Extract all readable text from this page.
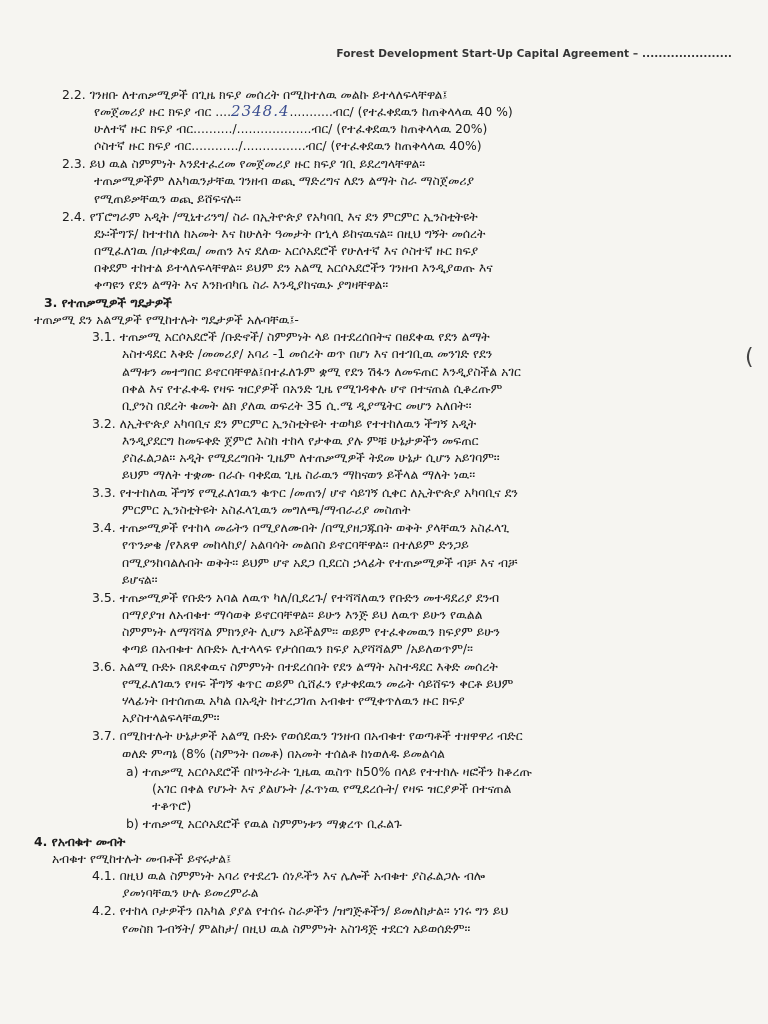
Forest Development Start-Up Capital Agreement – ......................
(
2.2. ገንዘቡ ለተጠቃሚዎች በጊዜ ክፍያ መሰረት በሚከተለዉ መልኩ ይተላለፍላቸዋል፤
የመጀመሪያ ዙር ክፍያ ብር ....2348.4...........ብር/ (የተፈቀደዉን ከጠቅላላዉ 40 %)
ሁለተኛ ዙር ክፍያ ብር........../...................ብር/ (የተፈቀደዉን ከጠቅላላዉ 20%)
ሶስተኛ ዙር ክፍያ ብር............/................ብር/ (የተፈቀደዉን ከጠቅላላዉ 40%)
2.3. ይህ ዉል ስምምነት እንደተፈረመ የመጀመሪያ ዙር ክፍያ ገቢ ይደረግላቸዋል፡፡
ተጠቃሚዎችም ለአካዉንታቸዉ ገንዘብ ወጪ ማድረግና ለደን ልማት ስራ ማስጀመሪያ
የሚጠይቃቸዉን ወጪ ይሸፍናሉ፡፡
2.4. የፕሮግራም አዲት /ሚኒተሪንግ/ ስራ በኢትዮጵያ የአካባቢ እና ደን ምርምር ኢንስቲትዩት
ደኑ፡ችግኙ/ ከተተከለ ከአመት እና ከሁለት ዓመታት በኂላ ይከናዉናል፡፡ በዚህ ግኝት መሰረት
በሚፈለገዉ /በታቀደዉ/ መጠን እና ደለው አርሶአደሮች የሁለተኛ እና ሶስተኛ ዙር ክፍያ
በቅደም ተከተል ይተላለፍላቸዋል፡፡ ይህም ደን አልሚ አርሶአደሮችን ገንዘብ እንዲያወጡ እና
ቀጣዩን የደን ልማት እና እንክብካቤ ስራ እንዲያከናዉኑ ያግዛቸዋል፡፡
3. የተጠቃሚዎች ግዴታዎች
ተጠቃሚ ደን አልሚዎች የሚከተሉት ግዴታዎች አሉባቸዉ፤-
3.1. ተጠቃሚ አርሶአደሮች /ቡድኖች/ ስምምነት ላይ በተደረሰበትና በፀደቀዉ የደን ልማት
አስተዳደር እቅድ /መመሪያ/ አባሪ -1 መሰረት ወጥ በሆነ እና በተገቢዉ መንገድ የደን
ልማቱን መተግበር ይኖርባቸዋል፤በተፈለጉም ቋሚ የደን ሽፋን ለመፍጠር እንዲያስችል አገር
በቀል እና የተፈቀዱ የዛፍ ዝርያዎች በአንድ ጊዜ የሚገዳቀሉ ሆኖ በተናጠል ሲቆረጡም
ቢያንስ በደረት ቁመት ልክ ያለዉ ወፍረት 35 ሲ.ሜ ዲያሜትር መሆን አለበት፡፡
3.2. ለኢትዮጵያ አካባቢና ደን ምርምር ኢንስቲትዩት ተወካይ የተተከለዉን ችግኝ አዲት
እንዲያደርግ ከመፍቀድ ጀምሮ እስከ ተከላ የታቀዉ ያሉ ምቹ ሁኔታዎችን መፍጠር
ያስፈልጋል፡፡ አዲት የሚደረግበት ጊዜም ለተጠቃሚዎች ትደመ ሁኔታ ሲሆን አይገባም፡፡
ይህም ማለት ተቋሙ በራሱ ባቀደዉ ጊዜ ስራዉን ማከናወን ይችላል ማለት ነዉ፡፡
3.3. የተተከለዉ ችግኝ የሚፈለገዉን ቁጥር /መጠን/ ሆኖ ሳይገኝ ሲቀር ለኢትዮጵያ አካባቢና ደን
ምርምር ኢንስቲትዩት አስፈላጊዉን መግለጫ/ማብራሪያ መስጠት
3.4. ተጠቃሚዎች የተከላ መሬትን በሚያለሙበት /በሚያዘጋጁበት ወቅት ያላቸዉን አስፈላጊ
የጥንቃቄ /የእጸዋ መከላከያ/ አልባሳት መልበስ ይኖርባቸዋል፡፡ በተለይም ድንጋይ
በሚያንከባልሉበት ወቅት፡፡ ይህም ሆኖ አደጋ ቢደርስ ኃላፊት የተጠቃሚዎች ብቻ እና ብቻ
ይሆናል፡፡
3.5. ተጠቃሚዎች የቡድን አባል ለዉጥ ካለ/ቢደረጉ/ የተሻሻለዉን የቡድን መተዳደሪያ ደንብ
በማያያዝ ለአብቁተ ማሳወቅ ይኖርባቸዋል፡፡ ይሁን እንጅ ይህ ለዉጥ ይሁን የዉልል
ስምምነት ለማሻሻል ምክንያት ሊሆን አይችልም፡፡ ወይም የተፈቀመዉን ክፍያም ይሁን
ቀጣይ በአብቁተ ለቡድኑ ሊተላላፍ የታሰበዉን ክፍያ አያሻሻልም /አይለወጥም/፡፡
3.6. አልሚ ቡድኑ በጸደቀዉና ስምምነት በተደረሰበት የደን ልማት አስተዳደር እቅድ መሰረት
የሚፈለገዉን የዛፍ ችግኝ ቁጥር ወይም ሲሸፈን የታቀደዉን መሬት ሳይሸፍን ቀርቶ ይህም
ሃላፊነት በተሰጠዉ አካል በአዲት ከተረጋገጠ አብቁተ የሚቀጥለዉን ዙር ክፍያ
አያስተላልፍላቸዉም፡፡
3.7. በሚከተሉት ሁኔታዎች አልሚ ቡድኑ የወሰደዉን ገንዘብ በአብቁተ የወጣቶች ተዘዋዋሪ ብድር
ወለድ ምጣኔ (8% (ስምንት በመቶ) በአመት ተሰልቶ ከነወለዱ ይመልሳል
a) ተጠቃሚ አርሶአደሮች በኮንትራት ጊዜዉ ዉስጥ ከ50% በላይ የተተከሉ ዛፎችን ከቆረጡ
(አገር በቀል የሆኑት እና ያልሆኑት /ፈጥነዉ የሚደረሱት/ የዛፍ ዝርያዎች በተናጠል
ተቆጥሮ)
b) ተጠቃሚ አርሶአደሮች የዉል ስምምነቱን ማቋረጥ ቢፈልጉ
4. የአብቁተ መብት
አብቁተ የሚከተሉት መብቶች ይኖሩታል፤
4.1. በዚህ ዉል ስምምነት አባሪ የተደረጉ ሰነዶችን እና ሌሎች አብቁተ ያስፈልጋሉ ብሎ
ያመነባቸዉን ሁሉ ይመረምራል
4.2. የተከላ ቦታዎችን በአካል ያያል የተሰሩ ስራዎችን /ዝግጅቶችን/ ይመለከታል፡፡ ነገሩ ግን ይህ
የመስክ ጉብኝት/ ምልከታ/ በዚህ ዉል ስምምነት አስገዳጅ ተደርጎ አይወሰድም፡፡
